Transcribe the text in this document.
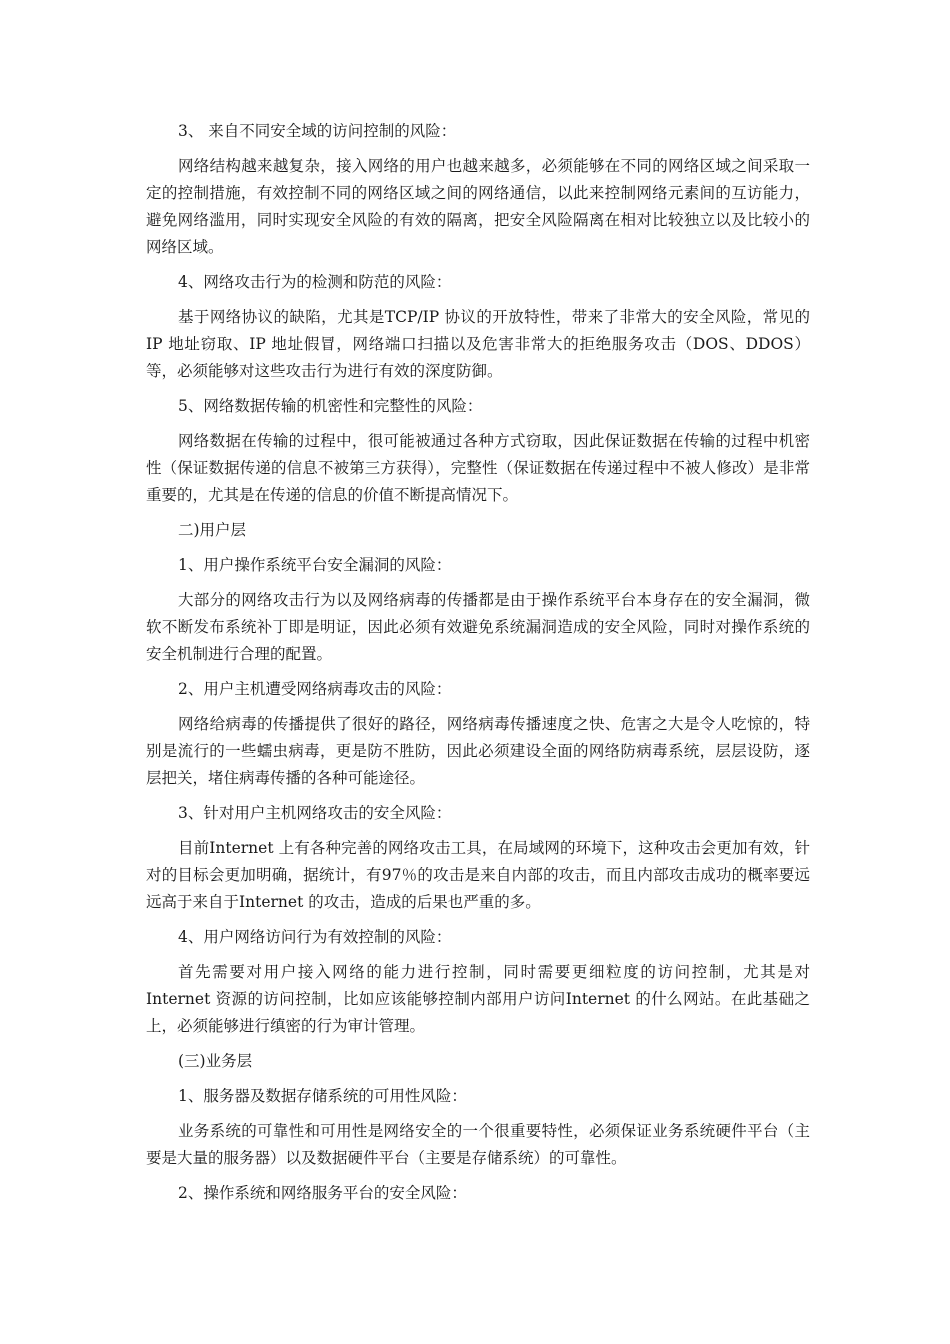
3、 来自不同安全域的访问控制的风险：

网络结构越来越复杂，接入网络的用户也越来越多，必须能够在不同的网络区域之间采取一定的控制措施，有效控制不同的网络区域之间的网络通信，以此来控制网络元素间的互访能力，避免网络滥用，同时实现安全风险的有效的隔离，把安全风险隔离在相对比较独立以及比较小的网络区域。

4、网络攻击行为的检测和防范的风险：

基于网络协议的缺陷，尤其是TCP/IP 协议的开放特性，带来了非常大的安全风险，常见的IP 地址窃取、IP 地址假冒，网络端口扫描以及危害非常大的拒绝服务攻击（DOS、DDOS）等，必须能够对这些攻击行为进行有效的深度防御。

5、网络数据传输的机密性和完整性的风险：

网络数据在传输的过程中，很可能被通过各种方式窃取，因此保证数据在传输的过程中机密性（保证数据传递的信息不被第三方获得），完整性（保证数据在传递过程中不被人修改）是非常重要的，尤其是在传递的信息的价值不断提高情况下。

二)用户层

1、用户操作系统平台安全漏洞的风险：

大部分的网络攻击行为以及网络病毒的传播都是由于操作系统平台本身存在的安全漏洞，微软不断发布系统补丁即是明证，因此必须有效避免系统漏洞造成的安全风险，同时对操作系统的安全机制进行合理的配置。

2、用户主机遭受网络病毒攻击的风险：

网络给病毒的传播提供了很好的路径，网络病毒传播速度之快、危害之大是令人吃惊的，特别是流行的一些蠕虫病毒，更是防不胜防，因此必须建设全面的网络防病毒系统，层层设防，逐层把关，堵住病毒传播的各种可能途径。

3、针对用户主机网络攻击的安全风险：

目前Internet 上有各种完善的网络攻击工具，在局域网的环境下，这种攻击会更加有效，针对的目标会更加明确，据统计，有97％的攻击是来自内部的攻击，而且内部攻击成功的概率要远远高于来自于Internet 的攻击，造成的后果也严重的多。

4、用户网络访问行为有效控制的风险：

首先需要对用户接入网络的能力进行控制，同时需要更细粒度的访问控制，尤其是对Internet 资源的访问控制，比如应该能够控制内部用户访问Internet 的什么网站。在此基础之上，必须能够进行缜密的行为审计管理。

(三)业务层

1、服务器及数据存储系统的可用性风险：

业务系统的可靠性和可用性是网络安全的一个很重要特性，必须保证业务系统硬件平台（主要是大量的服务器）以及数据硬件平台（主要是存储系统）的可靠性。

2、操作系统和网络服务平台的安全风险：
